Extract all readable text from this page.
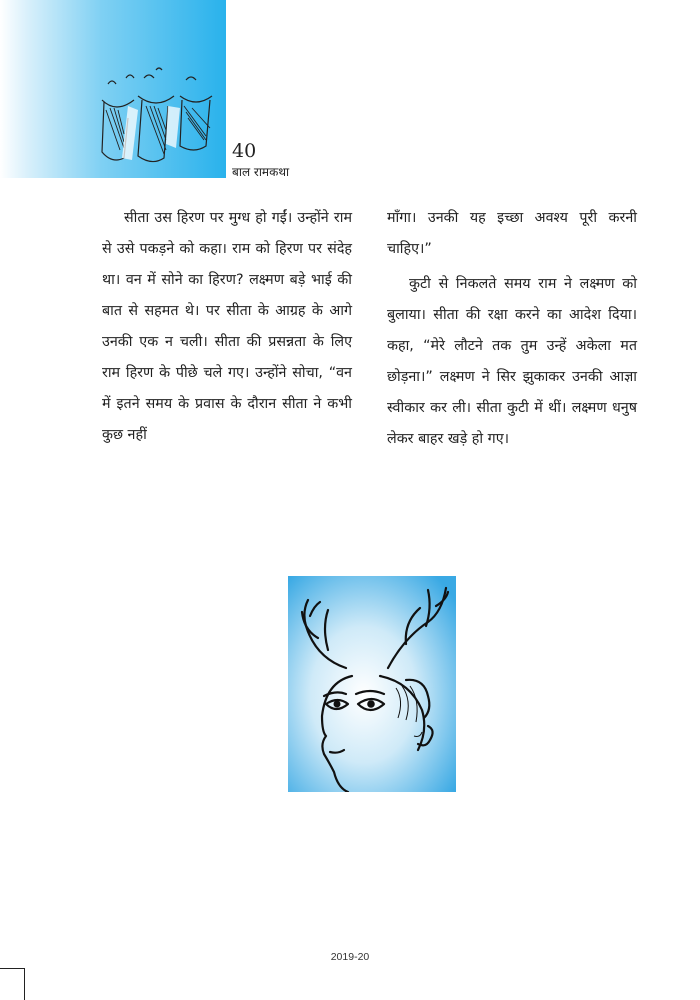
40
बाल रामकथा

सीता उस हिरण पर मुग्ध हो गईं। उन्होंने राम से उसे पकड़ने को कहा। राम को हिरण पर संदेह था। वन में सोने का हिरण? लक्ष्मण बड़े भाई की बात से सहमत थे। पर सीता के आग्रह के आगे उनकी एक न चली। सीता की प्रसन्नता के लिए राम हिरण के पीछे चले गए। उन्होंने सोचा, “वन में इतने समय के प्रवास के दौरान सीता ने कभी कुछ नहीं

माँगा। उनकी यह इच्छा अवश्य पूरी करनी चाहिए।”

कुटी से निकलते समय राम ने लक्ष्मण को बुलाया। सीता की रक्षा करने का आदेश दिया। कहा, “मेरे लौटने तक तुम उन्हें अकेला मत छोड़ना।” लक्ष्मण ने सिर झुकाकर उनकी आज्ञा स्वीकार कर ली। सीता कुटी में थीं। लक्ष्मण धनुष लेकर बाहर खड़े हो गए।

2019-20
